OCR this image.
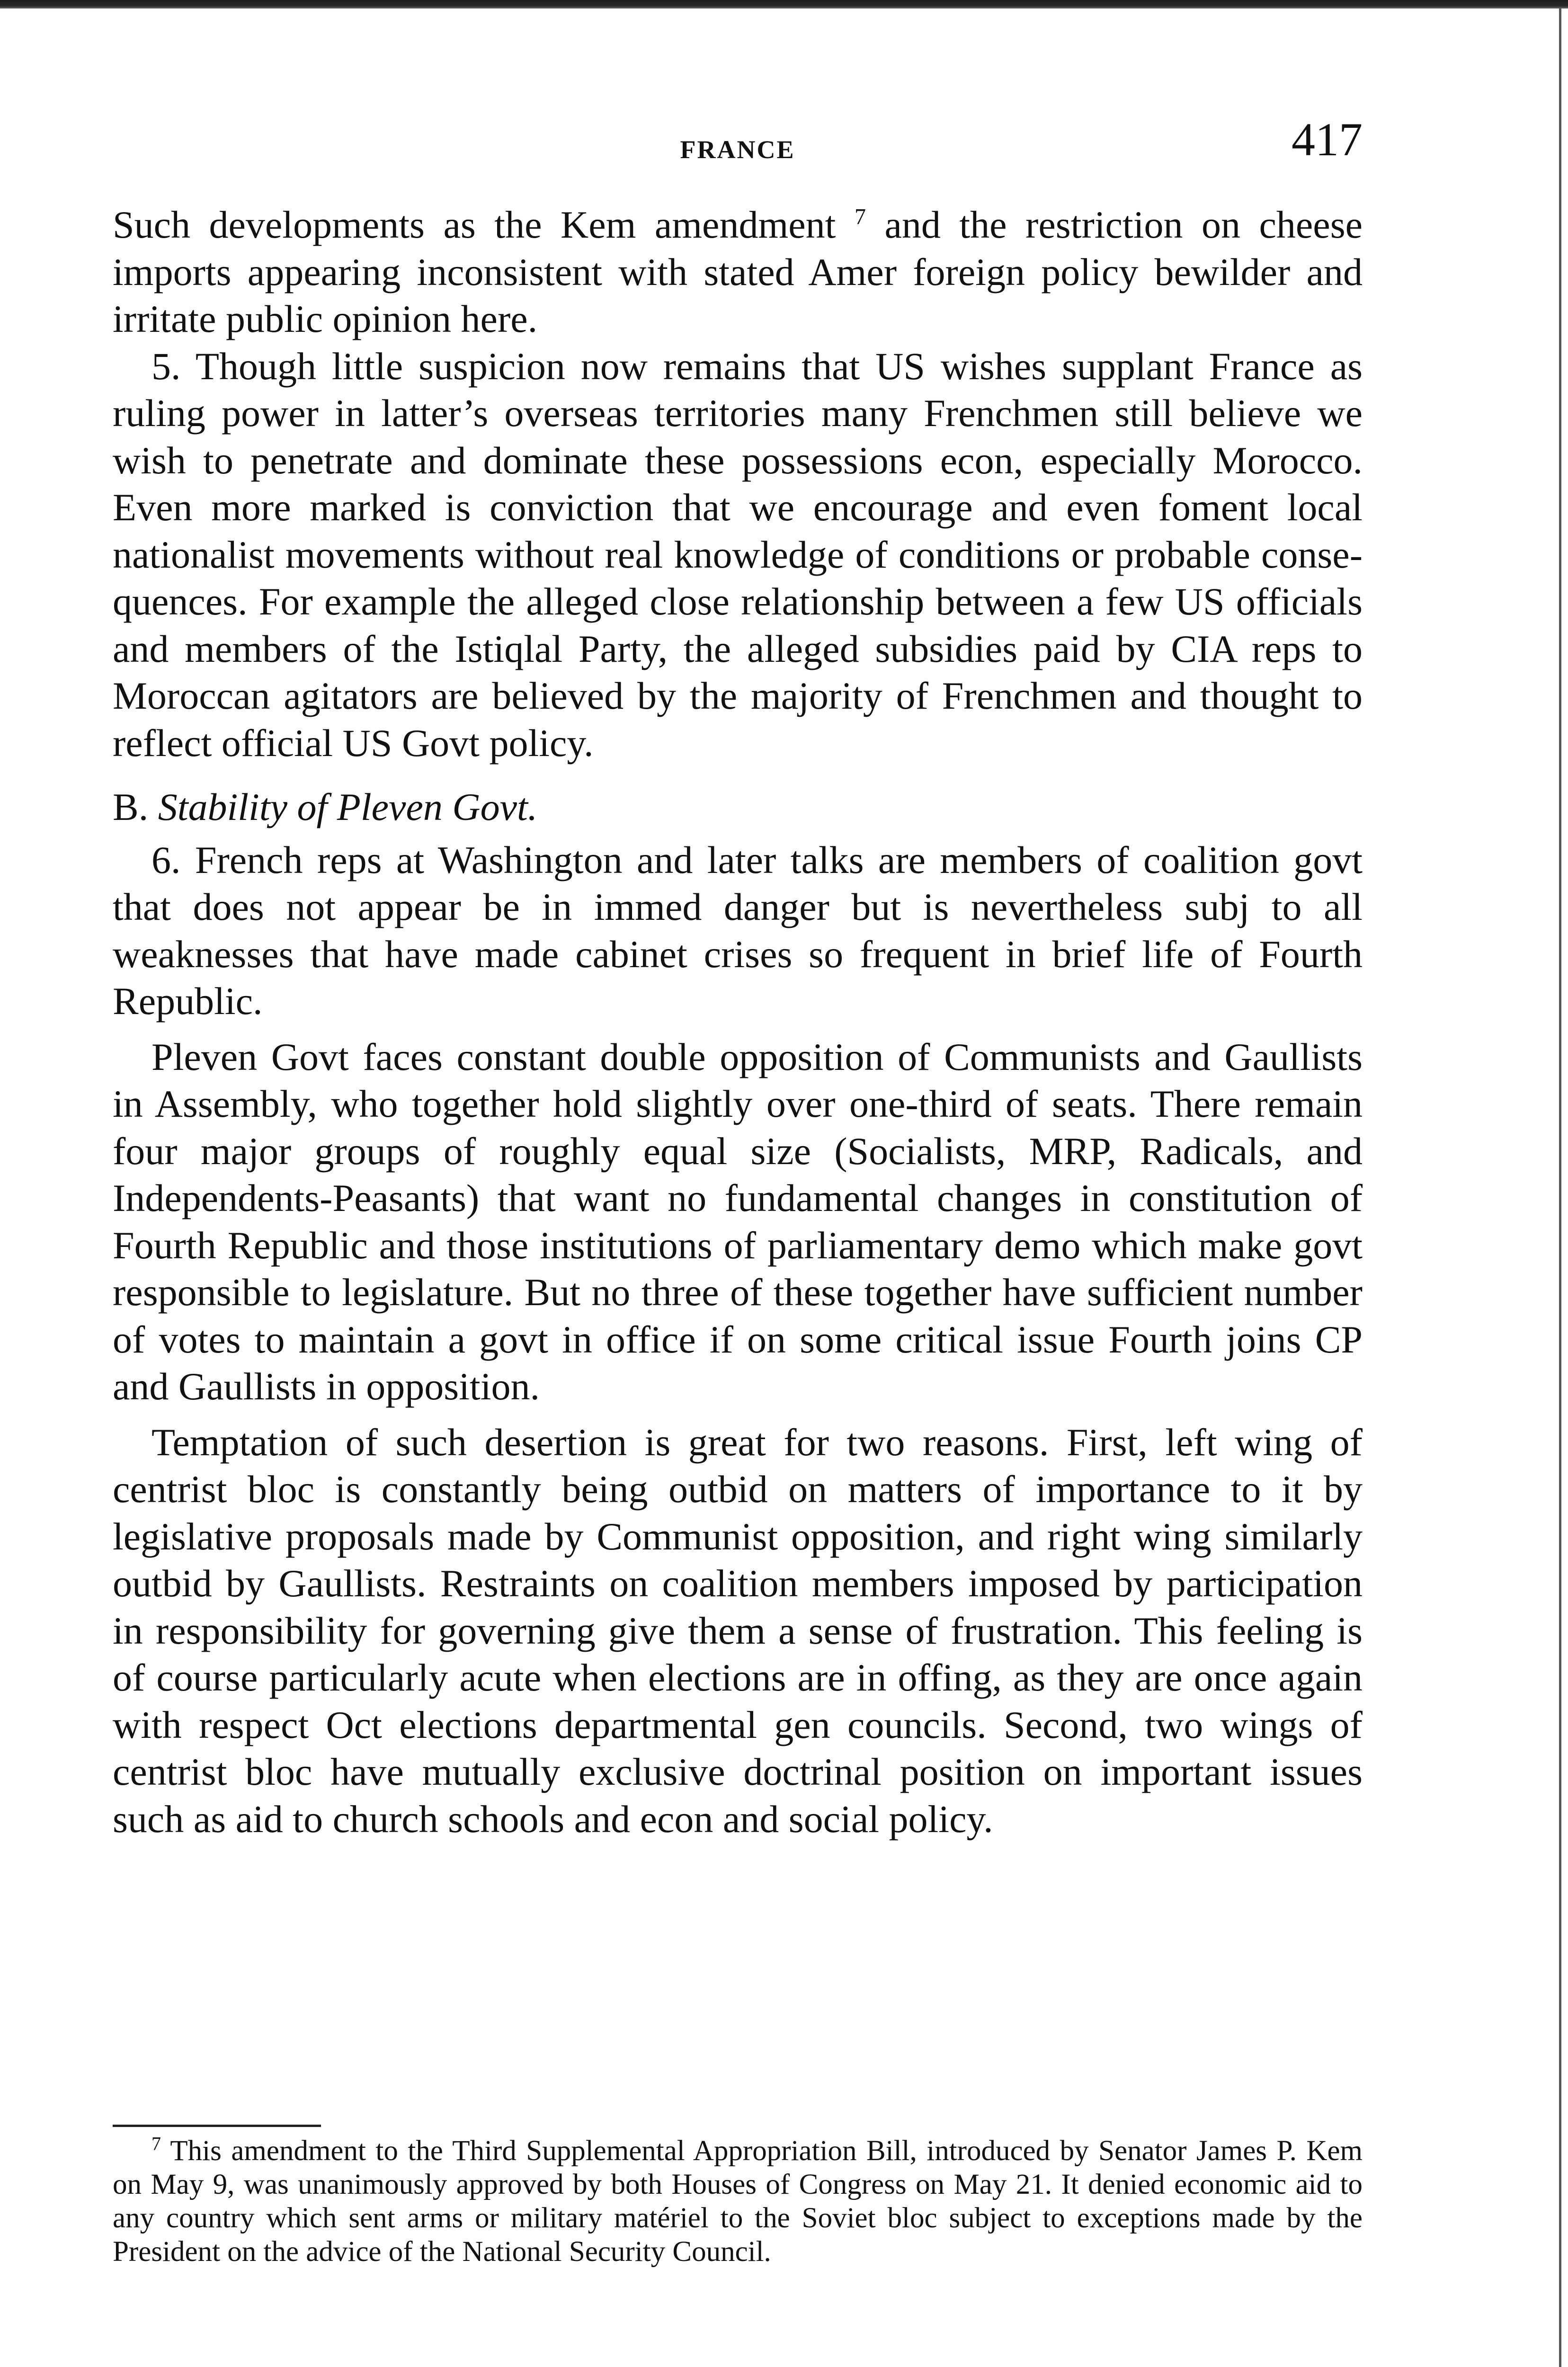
FRANCE	417

Such developments as the Kem amendment $^7$ and the restriction on cheese imports appearing inconsistent with stated Amer foreign policy bewilder and irritate public opinion here.

5. Though little suspicion now remains that US wishes supplant France as ruling power in latter’s overseas territories many Frenchmen still believe we wish to penetrate and dominate these possessions econ, especially Morocco. Even more marked is conviction that we encourage and even foment local nationalist movements without real knowledge of conditions or probable consequences. For example the alleged close relationship between a few US officials and members of the Istiqlal Party, the alleged subsidies paid by CIA reps to Moroccan agitators are believed by the majority of Frenchmen and thought to reflect official US Govt policy.

B. Stability of Pleven Govt.

6. French reps at Washington and later talks are members of coalition govt that does not appear be in immed danger but is nevertheless subj to all weaknesses that have made cabinet crises so frequent in brief life of Fourth Republic.

Pleven Govt faces constant double opposition of Communists and Gaullists in Assembly, who together hold slightly over one-third of seats. There remain four major groups of roughly equal size (Socialists, MRP, Radicals, and Independents-Peasants) that want no fundamental changes in constitution of Fourth Republic and those institutions of parliamentary demo which make govt responsible to legislature. But no three of these together have sufficient number of votes to maintain a govt in office if on some critical issue Fourth joins CP and Gaullists in opposition.

Temptation of such desertion is great for two reasons. First, left wing of centrist bloc is constantly being outbid on matters of importance to it by legislative proposals made by Communist opposition, and right wing similarly outbid by Gaullists. Restraints on coalition members imposed by participation in responsibility for governing give them a sense of frustration. This feeling is of course particularly acute when elections are in offing, as they are once again with respect Oct elections departmental gen councils. Second, two wings of centrist bloc have mutually exclusive doctrinal position on important issues such as aid to church schools and econ and social policy.

$^7$ This amendment to the Third Supplemental Appropriation Bill, introduced by Senator James P. Kem on May 9, was unanimously approved by both Houses of Congress on May 21. It denied economic aid to any country which sent arms or military matériel to the Soviet bloc subject to exceptions made by the President on the advice of the National Security Council.
